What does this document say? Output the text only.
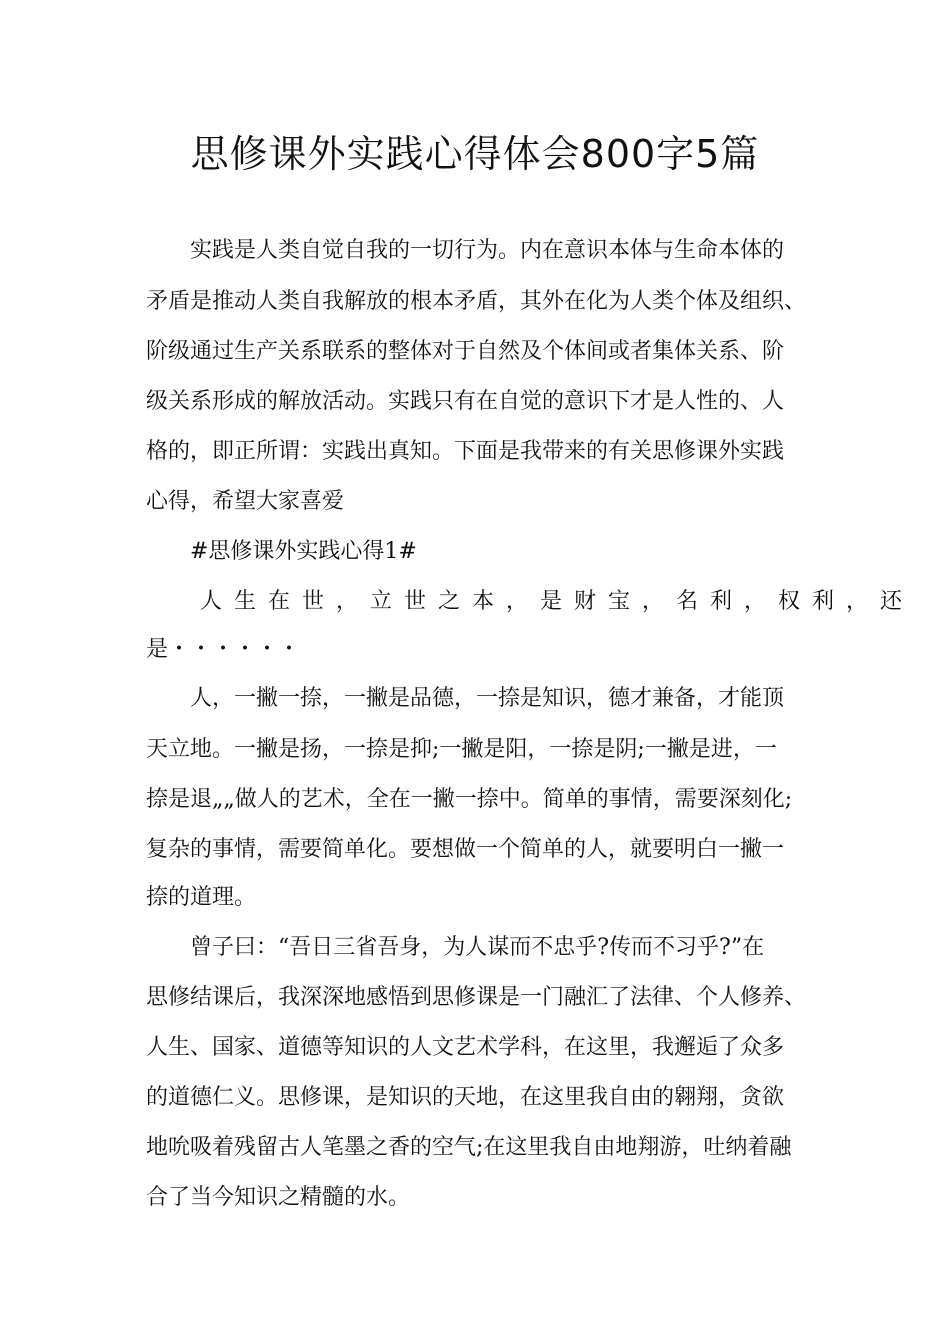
思修课外实践心得体会800字5篇
实践是人类自觉自我的一切行为。内在意识本体与生命本体的
矛盾是推动人类自我解放的根本矛盾，其外在化为人类个体及组织、
阶级通过生产关系联系的整体对于自然及个体间或者集体关系、阶
级关系形成的解放活动。实践只有在自觉的意识下才是人性的、人
格的，即正所谓：实践出真知。下面是我带来的有关思修课外实践
心得，希望大家喜爱
#思修课外实践心得1#
人生在世，立世之本，是财宝，名利，权利，还
是・・・・・・
人，一撇一捺，一撇是品德，一捺是知识，德才兼备，才能顶
天立地。一撇是扬，一捺是抑;一撇是阳，一捺是阴;一撇是进，一
捺是退„„做人的艺术，全在一撇一捺中。简单的事情，需要深刻化;
复杂的事情，需要简单化。要想做一个简单的人，就要明白一撇一
捺的道理。
曾子曰：“吾日三省吾身，为人谋而不忠乎?传而不习乎?”在
思修结课后，我深深地感悟到思修课是一门融汇了法律、个人修养、
人生、国家、道德等知识的人文艺术学科，在这里，我邂逅了众多
的道德仁义。思修课，是知识的天地，在这里我自由的翱翔，贪欲
地吮吸着残留古人笔墨之香的空气;在这里我自由地翔游，吐纳着融
合了当今知识之精髓的水。
